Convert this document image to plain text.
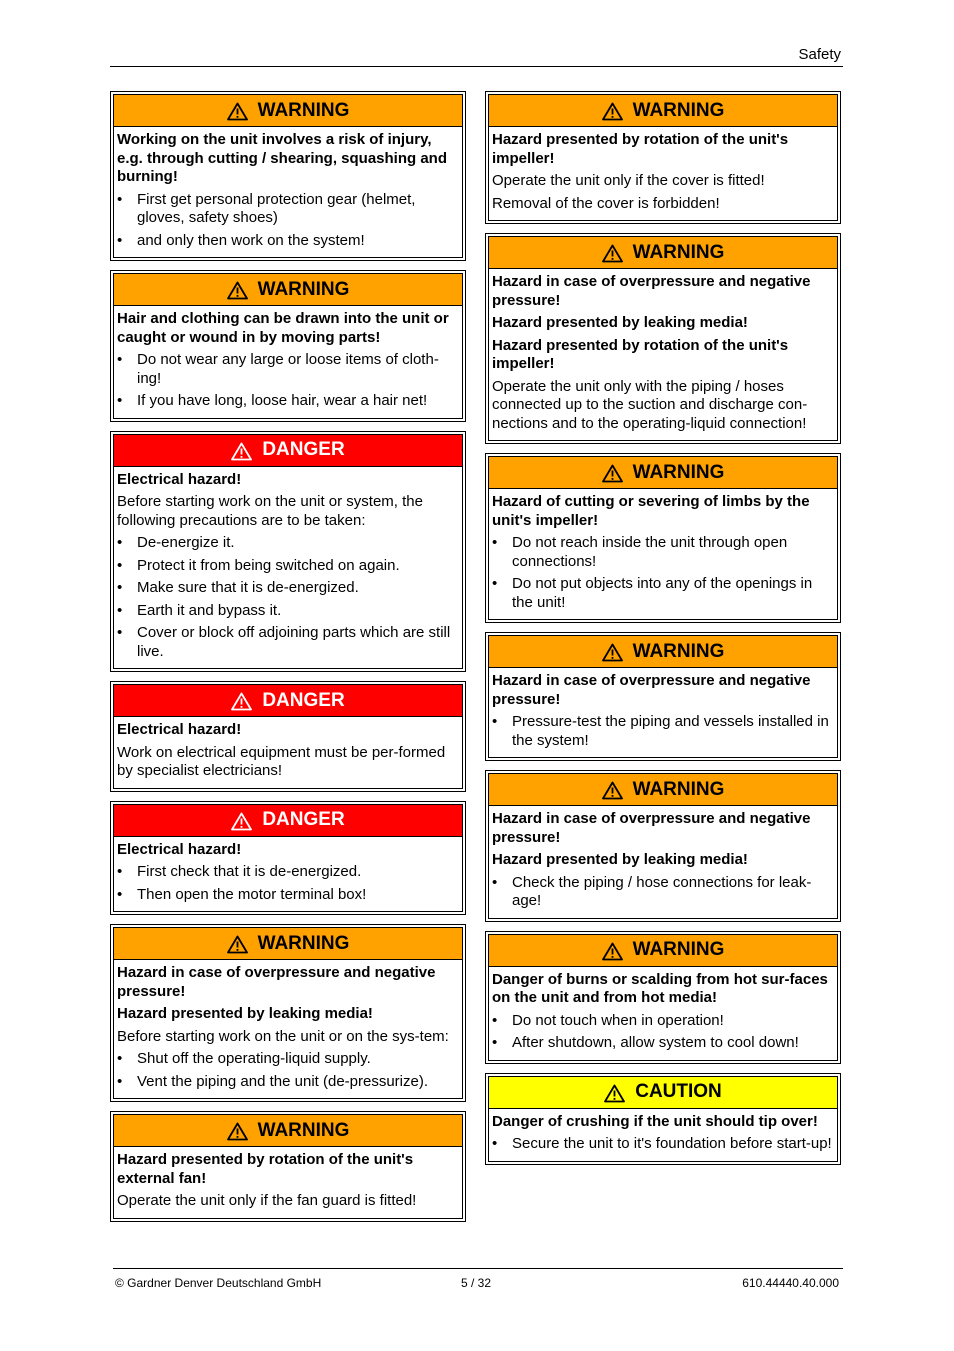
Safety
WARNING
Working on the unit involves a risk of injury, e.g. through cutting / shearing, squashing and burning!
• First get personal protection gear (helmet, gloves, safety shoes)
• and only then work on the system!
WARNING
Hair and clothing can be drawn into the unit or caught or wound in by moving parts!
• Do not wear any large or loose items of cloth-ing!
• If you have long, loose hair, wear a hair net!
DANGER
Electrical hazard!
Before starting work on the unit or system, the following precautions are to be taken:
• De-energize it.
• Protect it from being switched on again.
• Make sure that it is de-energized.
• Earth it and bypass it.
• Cover or block off adjoining parts which are still live.
DANGER
Electrical hazard!
Work on electrical equipment must be per-formed by specialist electricians!
DANGER
Electrical hazard!
• First check that it is de-energized.
• Then open the motor terminal box!
WARNING
Hazard in case of overpressure and negative pressure!
Hazard presented by leaking media!
Before starting work on the unit or on the sys-tem:
• Shut off the operating-liquid supply.
• Vent the piping and the unit (de-pressurize).
WARNING
Hazard presented by rotation of the unit's external fan!
Operate the unit only if the fan guard is fitted!
WARNING
Hazard presented by rotation of the unit's impeller!
Operate the unit only if the cover is fitted!
Removal of the cover is forbidden!
WARNING
Hazard in case of overpressure and negative pressure!
Hazard presented by leaking media!
Hazard presented by rotation of the unit's impeller!
Operate the unit only with the piping / hoses connected up to the suction and discharge con-nections and to the operating-liquid connection!
WARNING
Hazard of cutting or severing of limbs by the unit's impeller!
• Do not reach inside the unit through open connections!
• Do not put objects into any of the openings in the unit!
WARNING
Hazard in case of overpressure and negative pressure!
• Pressure-test the piping and vessels installed in the system!
WARNING
Hazard in case of overpressure and negative pressure!
Hazard presented by leaking media!
• Check the piping / hose connections for leak-age!
WARNING
Danger of burns or scalding from hot sur-faces on the unit and from hot media!
• Do not touch when in operation!
• After shutdown, allow system to cool down!
CAUTION
Danger of crushing if the unit should tip over!
• Secure the unit to it's foundation before start-up!
© Gardner Denver Deutschland GmbH	5 / 32	610.44440.40.000
